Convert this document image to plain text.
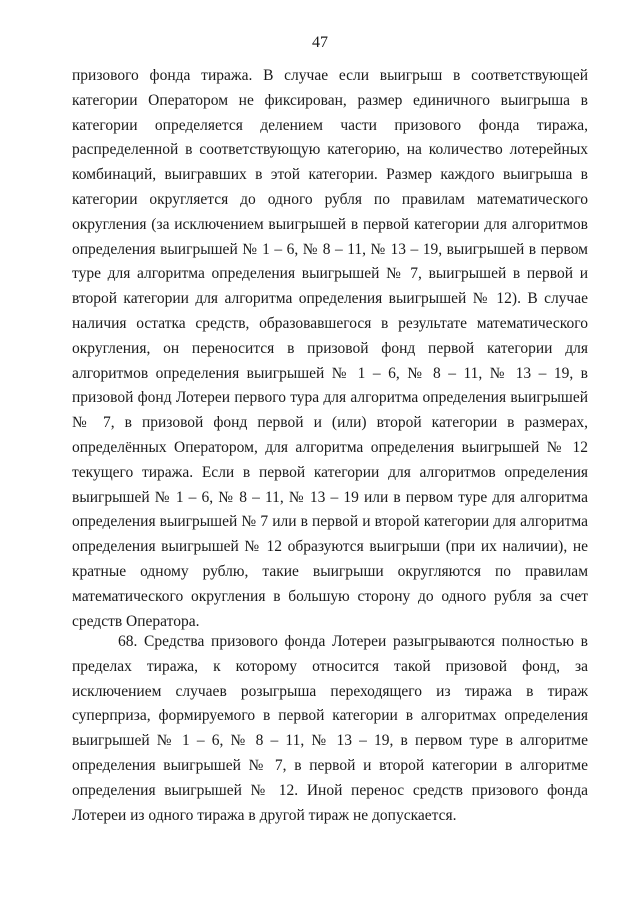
47

призового фонда тиража. В случае если выигрыш в соответствующей категории Оператором не фиксирован, размер единичного выигрыша в категории определяется делением части призового фонда тиража, распределенной в соответствующую категорию, на количество лотерейных комбинаций, выигравших в этой категории. Размер каждого выигрыша в категории округляется до одного рубля по правилам математического округления (за исключением выигрышей в первой категории для алгоритмов определения выигрышей № 1 – 6, № 8 – 11, № 13 – 19, выигрышей в первом туре для алгоритма определения выигрышей № 7, выигрышей в первой и второй категории для алгоритма определения выигрышей № 12). В случае наличия остатка средств, образовавшегося в результате математического округления, он переносится в призовой фонд первой категории для алгоритмов определения выигрышей № 1 – 6, № 8 – 11, № 13 – 19, в призовой фонд Лотереи первого тура для алгоритма определения выигрышей № 7, в призовой фонд первой и (или) второй категории в размерах, определённых Оператором, для алгоритма определения выигрышей № 12 текущего тиража. Если в первой категории для алгоритмов определения выигрышей № 1 – 6, № 8 – 11, № 13 – 19 или в первом туре для алгоритма определения выигрышей № 7 или в первой и второй категории для алгоритма определения выигрышей № 12 образуются выигрыши (при их наличии), не кратные одному рублю, такие выигрыши округляются по правилам математического округления в большую сторону до одного рубля за счет средств Оператора.

68. Средства призового фонда Лотереи разыгрываются полностью в пределах тиража, к которому относится такой призовой фонд, за исключением случаев розыгрыша переходящего из тиража в тираж суперприза, формируемого в первой категории в алгоритмах определения выигрышей № 1 – 6, № 8 – 11, № 13 – 19, в первом туре в алгоритме определения выигрышей № 7, в первой и второй категории в алгоритме определения выигрышей № 12. Иной перенос средств призового фонда Лотереи из одного тиража в другой тираж не допускается.
